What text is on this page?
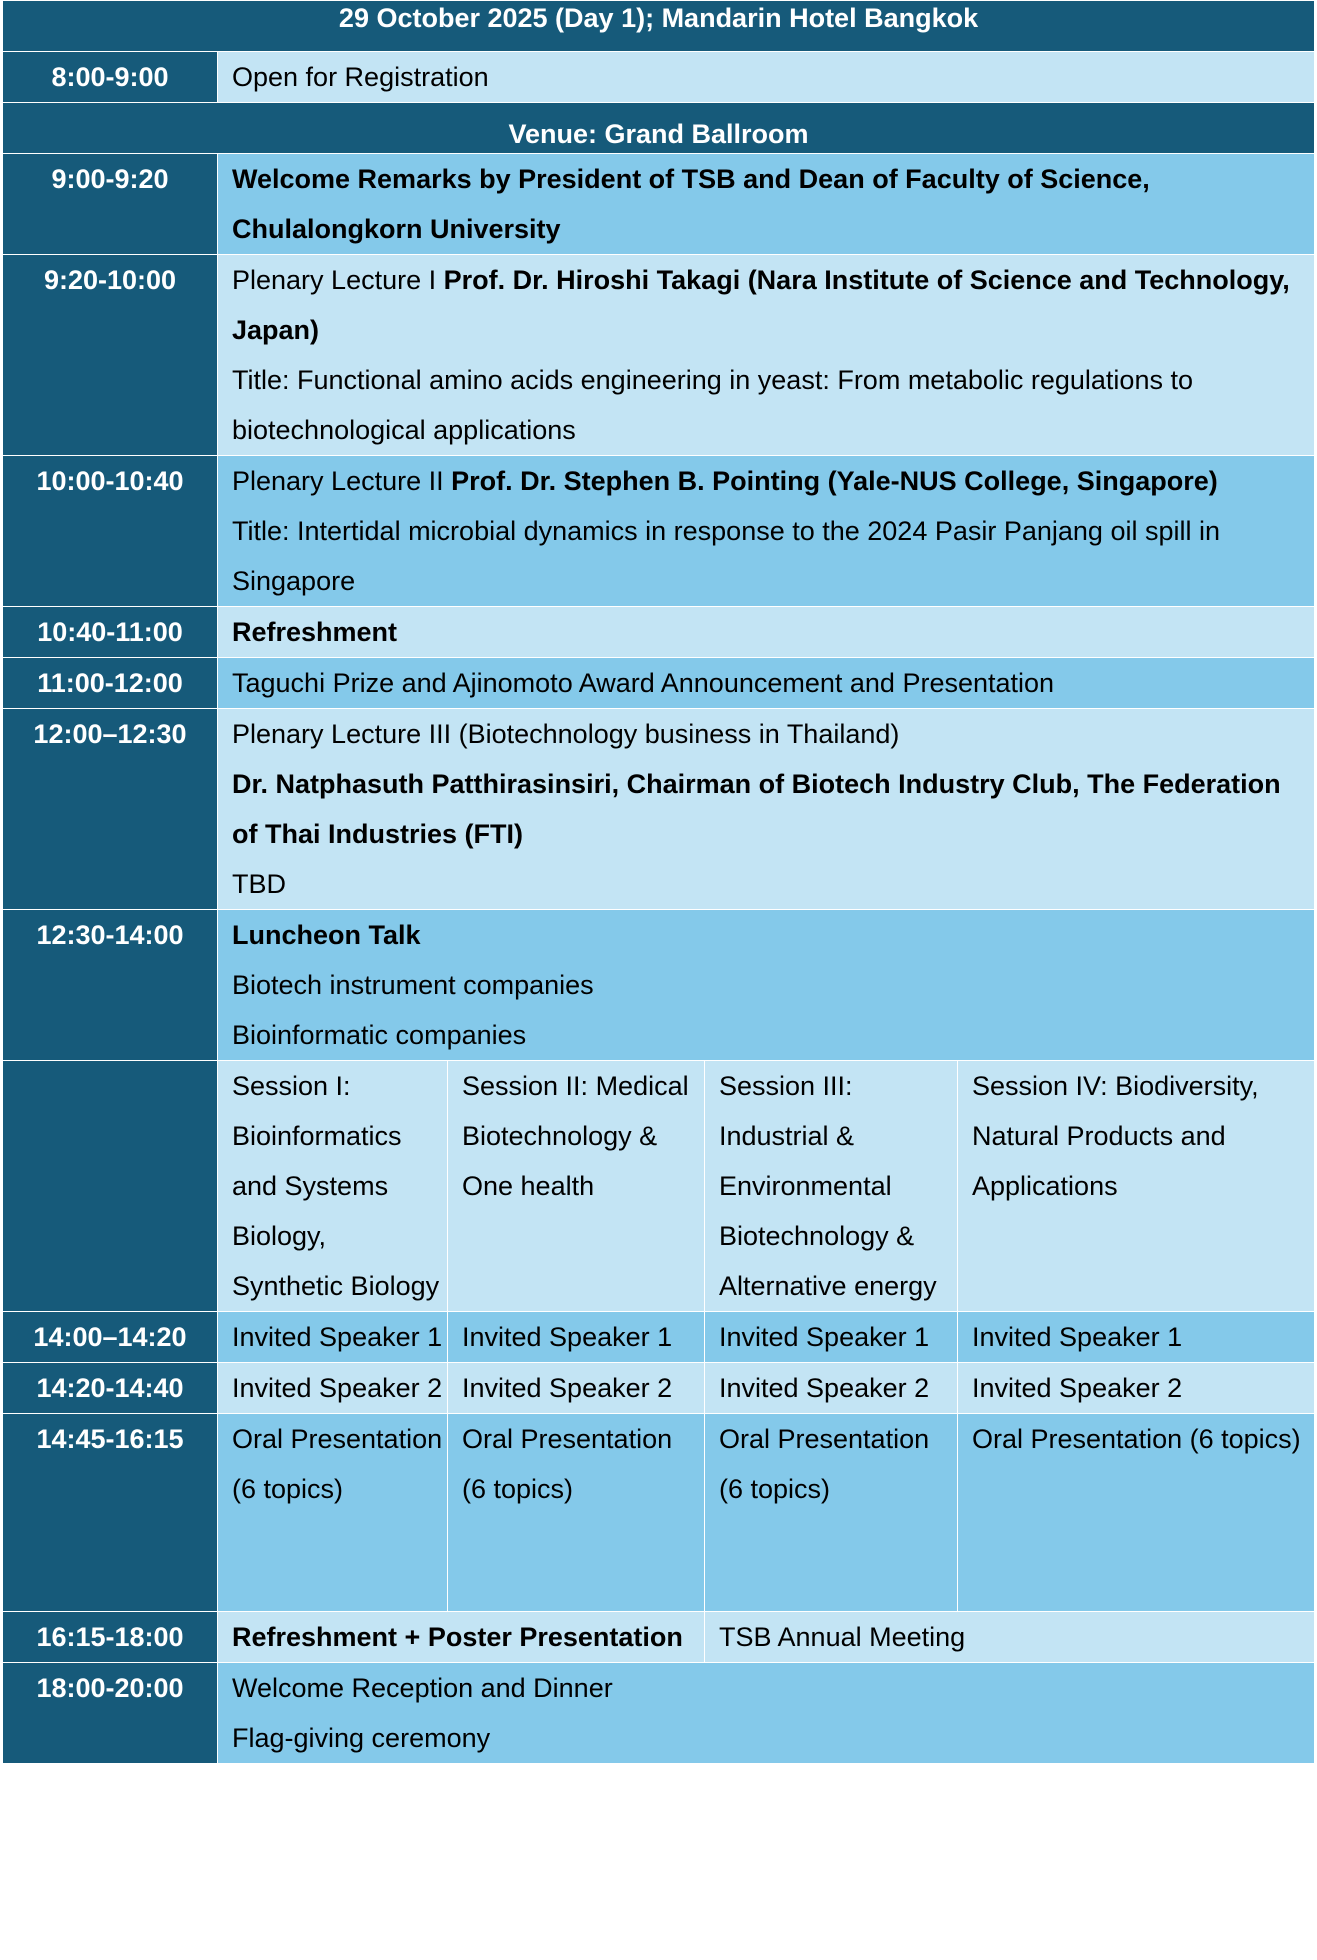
29 October 2025 (Day 1); Mandarin Hotel Bangkok				
8:00-9:00	Open for Registration			
Venue: Grand Ballroom				
9:00-9:20	Welcome Remarks by President of TSB and Dean of Faculty of Science, Chulalongkorn University			
9:20-10:00	Plenary Lecture I Prof. Dr. Hiroshi Takagi (Nara Institute of Science and Technology, Japan)
Title: Functional amino acids engineering in yeast: From metabolic regulations to biotechnological applications			

10:00-10:40	Plenary Lecture II Prof. Dr. Stephen B. Pointing (Yale-NUS College, Singapore)
Title: Intertidal microbial dynamics in response to the 2024 Pasir Panjang oil spill in Singapore			

10:40-11:00	Refreshment			
11:00-12:00	Taguchi Prize and Ajinomoto Award Announcement and Presentation			
12:00–12:30	Plenary Lecture III (Biotechnology business in Thailand)
Dr. Natphasuth Patthirasinsiri, Chairman of Biotech Industry Club, The Federation of Thai Industries (FTI)
TBD			

12:30-14:00	Luncheon Talk
Biotech instrument companies
Bioinformatic companies			

	Session I: Bioinformatics and Systems Biology, Synthetic Biology	Session II: Medical Biotechnology & One health	Session III: Industrial & Environmental Biotechnology & Alternative energy	Session IV: Biodiversity, Natural Products and Applications
14:00–14:20	Invited Speaker 1	Invited Speaker 1	Invited Speaker 1	Invited Speaker 1
14:20-14:40	Invited Speaker 2	Invited Speaker 2	Invited Speaker 2	Invited Speaker 2
14:45-16:15	Oral Presentation (6 topics)	Oral Presentation (6 topics)	Oral Presentation (6 topics)	Oral Presentation (6 topics)
16:15-18:00	Refreshment + Poster Presentation		TSB Annual Meeting	
18:00-20:00	Welcome Reception and Dinner
Flag-giving ceremony			
